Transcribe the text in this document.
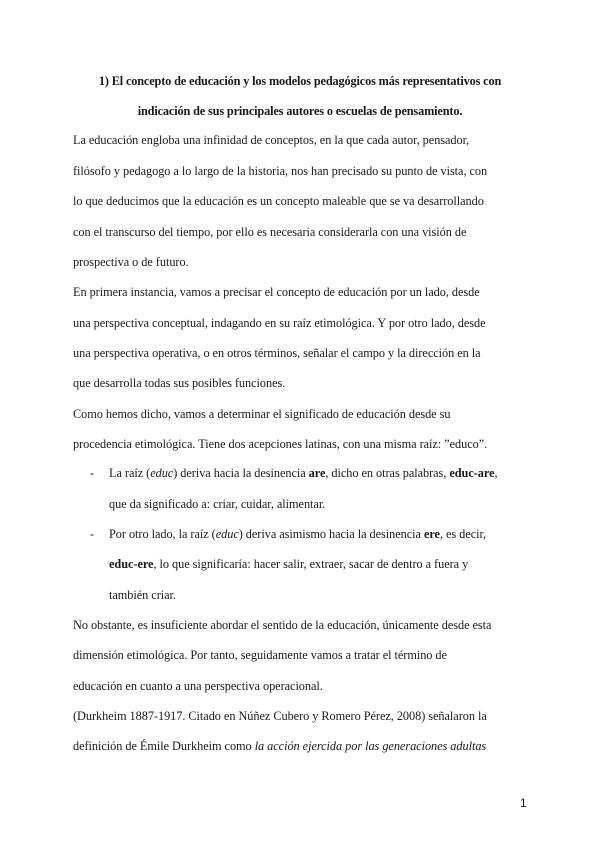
1) El concepto de educación y los modelos pedagógicos más representativos con
indicación de sus principales autores o escuelas de pensamiento.
La educación engloba una infinidad de conceptos, en la que cada autor, pensador,
filósofo y pedagogo a lo largo de la historia, nos han precisado su punto de vista, con
lo que deducimos que la educación es un concepto maleable que se va desarrollando
con el transcurso del tiempo, por ello es necesaria considerarla con una visión de
prospectiva o de futuro.
En primera instancia, vamos a precisar el concepto de educación por un lado, desde
una perspectiva conceptual, indagando en su raíz etimológica. Y por otro lado, desde
una perspectiva operativa, o en otros términos, señalar el campo y la dirección en la
que desarrolla todas sus posibles funciones.
Como hemos dicho, vamos a determinar el significado de educación desde su
procedencia etimológica. Tiene dos acepciones latinas, con una misma raíz: ”educo”.
- La raíz (educ) deriva hacia la desinencia are, dicho en otras palabras, educ-are,
que da significado a: criar, cuidar, alimentar.
- Por otro lado, la raíz (educ) deriva asimismo hacia la desinencia ere, es decir,
educ-ere, lo que significaría: hacer salir, extraer, sacar de dentro a fuera y
también criar.
No obstante, es insuficiente abordar el sentido de la educación, únicamente desde esta
dimensión etimológica. Por tanto, seguidamente vamos a tratar el término de
educación en cuanto a una perspectiva operacional.
(Durkheim 1887-1917. Citado en Núñez Cubero y Romero Pérez, 2008) señalaron la
definición de Émile Durkheim como la acción ejercida por las generaciones adultas
1
